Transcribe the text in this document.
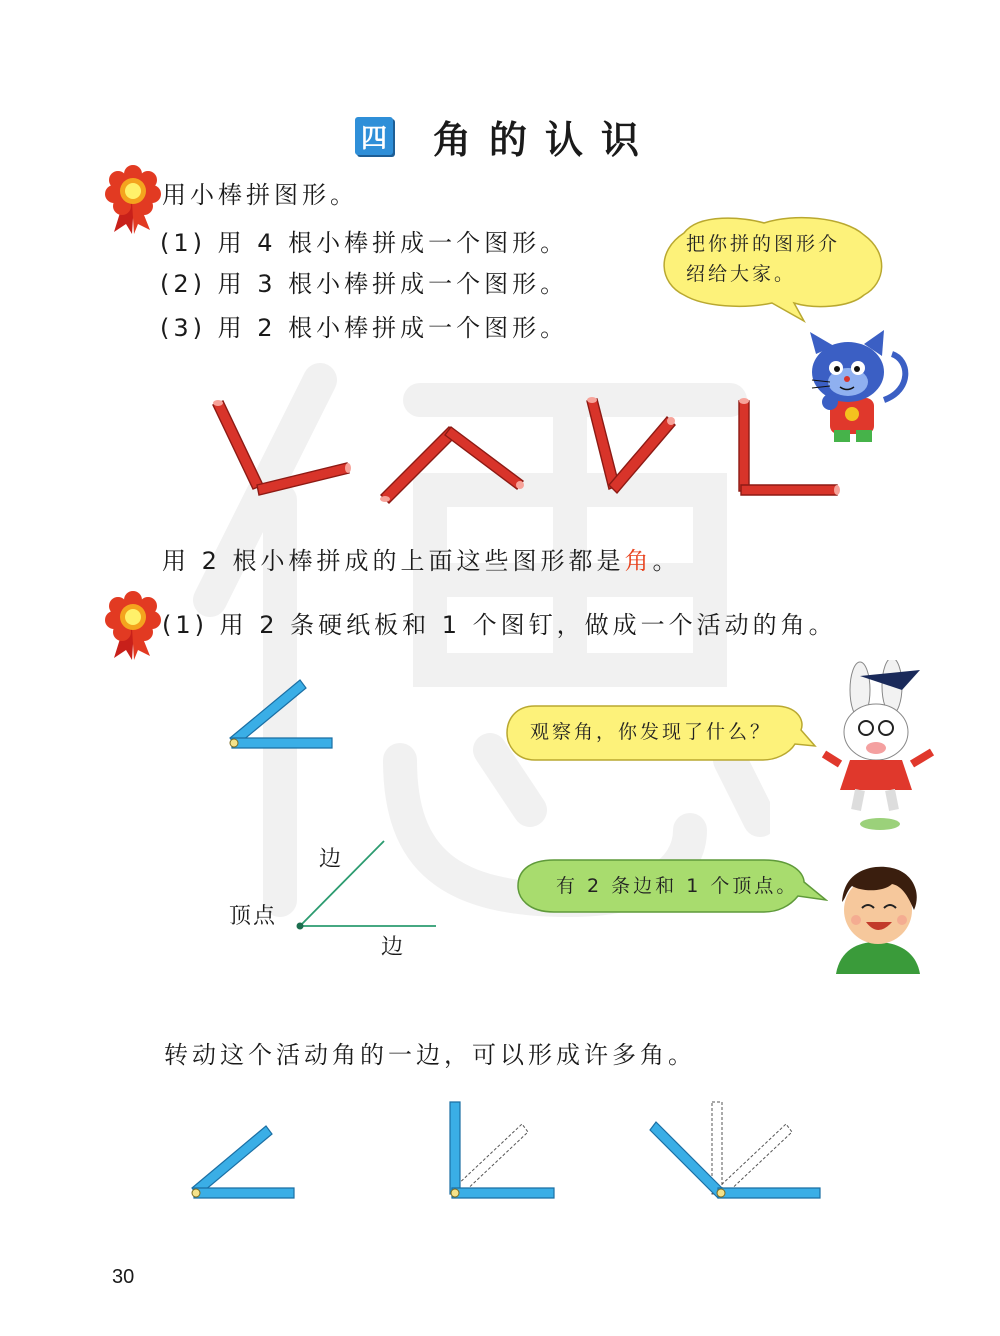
四 角的认识
用小棒拼图形。
(1) 用 4 根小棒拼成一个图形。
(2) 用 3 根小棒拼成一个图形。
(3) 用 2 根小棒拼成一个图形。
把你拼的图形介
绍给大家。
用 2 根小棒拼成的上面这些图形都是角。
(1) 用 2 条硬纸板和 1 个图钉，做成一个活动的角。
观察角，你发现了什么？
边
顶点
边
有 2 条边和 1 个顶点。
转动这个活动角的一边，可以形成许多角。
30
